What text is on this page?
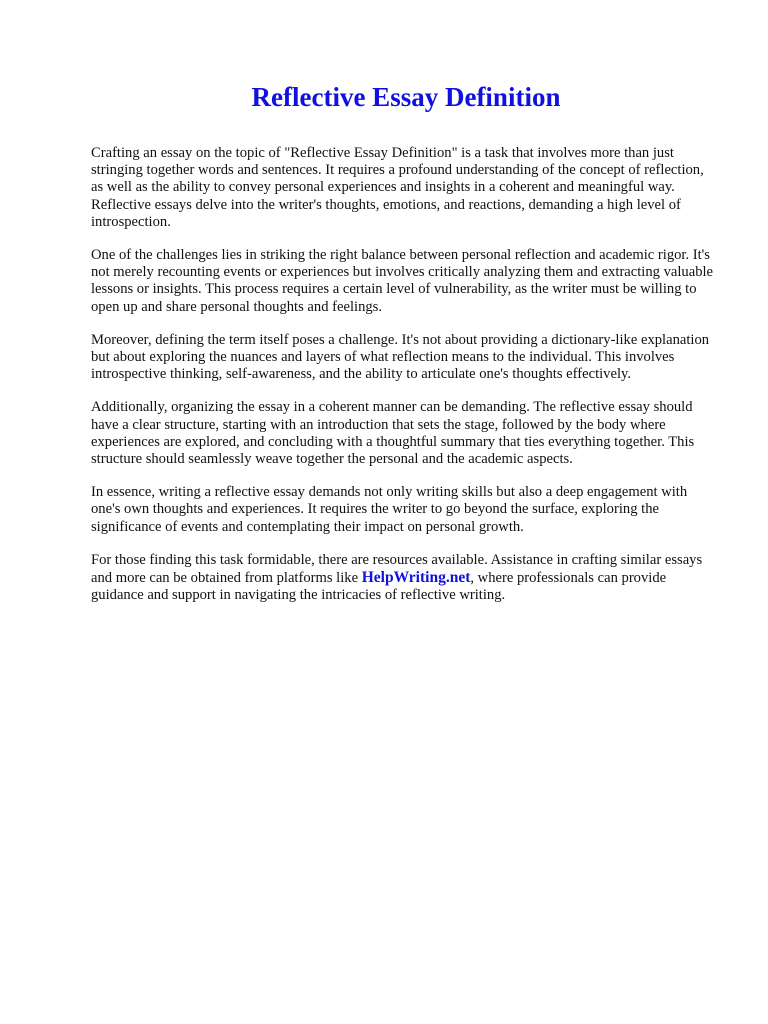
Reflective Essay Definition

Crafting an essay on the topic of "Reflective Essay Definition" is a task that involves more than just stringing together words and sentences. It requires a profound understanding of the concept of reflection, as well as the ability to convey personal experiences and insights in a coherent and meaningful way. Reflective essays delve into the writer's thoughts, emotions, and reactions, demanding a high level of introspection.

One of the challenges lies in striking the right balance between personal reflection and academic rigor. It's not merely recounting events or experiences but involves critically analyzing them and extracting valuable lessons or insights. This process requires a certain level of vulnerability, as the writer must be willing to open up and share personal thoughts and feelings.

Moreover, defining the term itself poses a challenge. It's not about providing a dictionary-like explanation but about exploring the nuances and layers of what reflection means to the individual. This involves introspective thinking, self-awareness, and the ability to articulate one's thoughts effectively.

Additionally, organizing the essay in a coherent manner can be demanding. The reflective essay should have a clear structure, starting with an introduction that sets the stage, followed by the body where experiences are explored, and concluding with a thoughtful summary that ties everything together. This structure should seamlessly weave together the personal and the academic aspects.

In essence, writing a reflective essay demands not only writing skills but also a deep engagement with one's own thoughts and experiences. It requires the writer to go beyond the surface, exploring the significance of events and contemplating their impact on personal growth.

For those finding this task formidable, there are resources available. Assistance in crafting similar essays and more can be obtained from platforms like HelpWriting.net, where professionals can provide guidance and support in navigating the intricacies of reflective writing.
